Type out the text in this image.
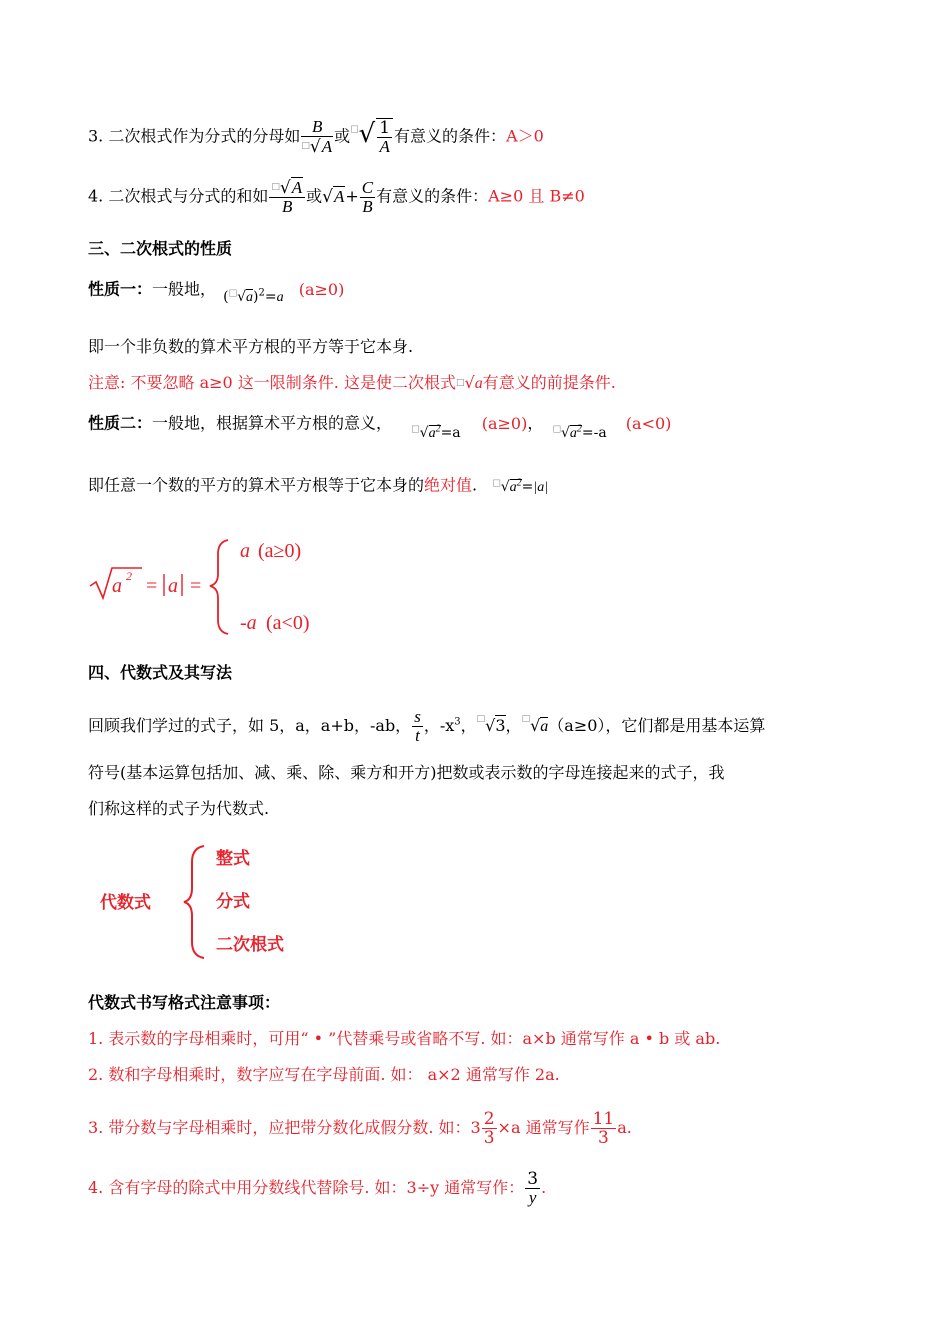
3. 二次根式作为分式的分母如 $\frac{B}{^□√A}$ 或$^□√ \frac{1}{A}$ 有意义的条件：A＞0
4. 二次根式与分式的和如 $\frac{^□√A}{B}$ 或$√A+ \frac{C}{B}$ 有意义的条件：A≥0 且 B≠0
三、二次根式的性质
性质一：一般地， $(^□√a)^2=a$ (a≥0)
即一个非负数的算术平方根的平方等于它本身.
注意: 不要忽略 a≥0 这一限制条件. 这是使二次根式□√a有意义的前提条件.
性质二：一般地，根据算术平方根的意义， $^□√a^2=a$ (a≥0)， $^□√a^2=-a$ (a<0)
即任意一个数的平方的算术平方根等于它本身的绝对值. $^□√a^2=|a|$
a 2 = a =
a (a≥0)
-a (a<0)
四、代数式及其写法
回顾我们学过的式子，如 5，a，a+b，-ab， $\frac{s}{t}$ ，$-x^3$，□√3，□√a（a≥0），它们都是用基本运算
符号(基本运算包括加、减、乘、除、乘方和开方)把数或表示数的字母连接起来的式子，我
们称这样的式子为代数式.
代数式
整式
分式
二次根式
代数式书写格式注意事项：
1. 表示数的字母相乘时，可用“ • ”代替乘号或省略不写. 如：a×b 通常写作 a • b 或 ab.
2. 数和字母相乘时，数字应写在字母前面. 如： a×2 通常写作 2a.
3. 带分数与字母相乘时，应把带分数化成假分数. 如：$3 \frac{2}{3} \times a$ 通常写作 $\frac{11}{3} a$.
4. 含有字母的除式中用分数线代替除号. 如：3÷y 通常写作： $\frac{3}{y}$ .
